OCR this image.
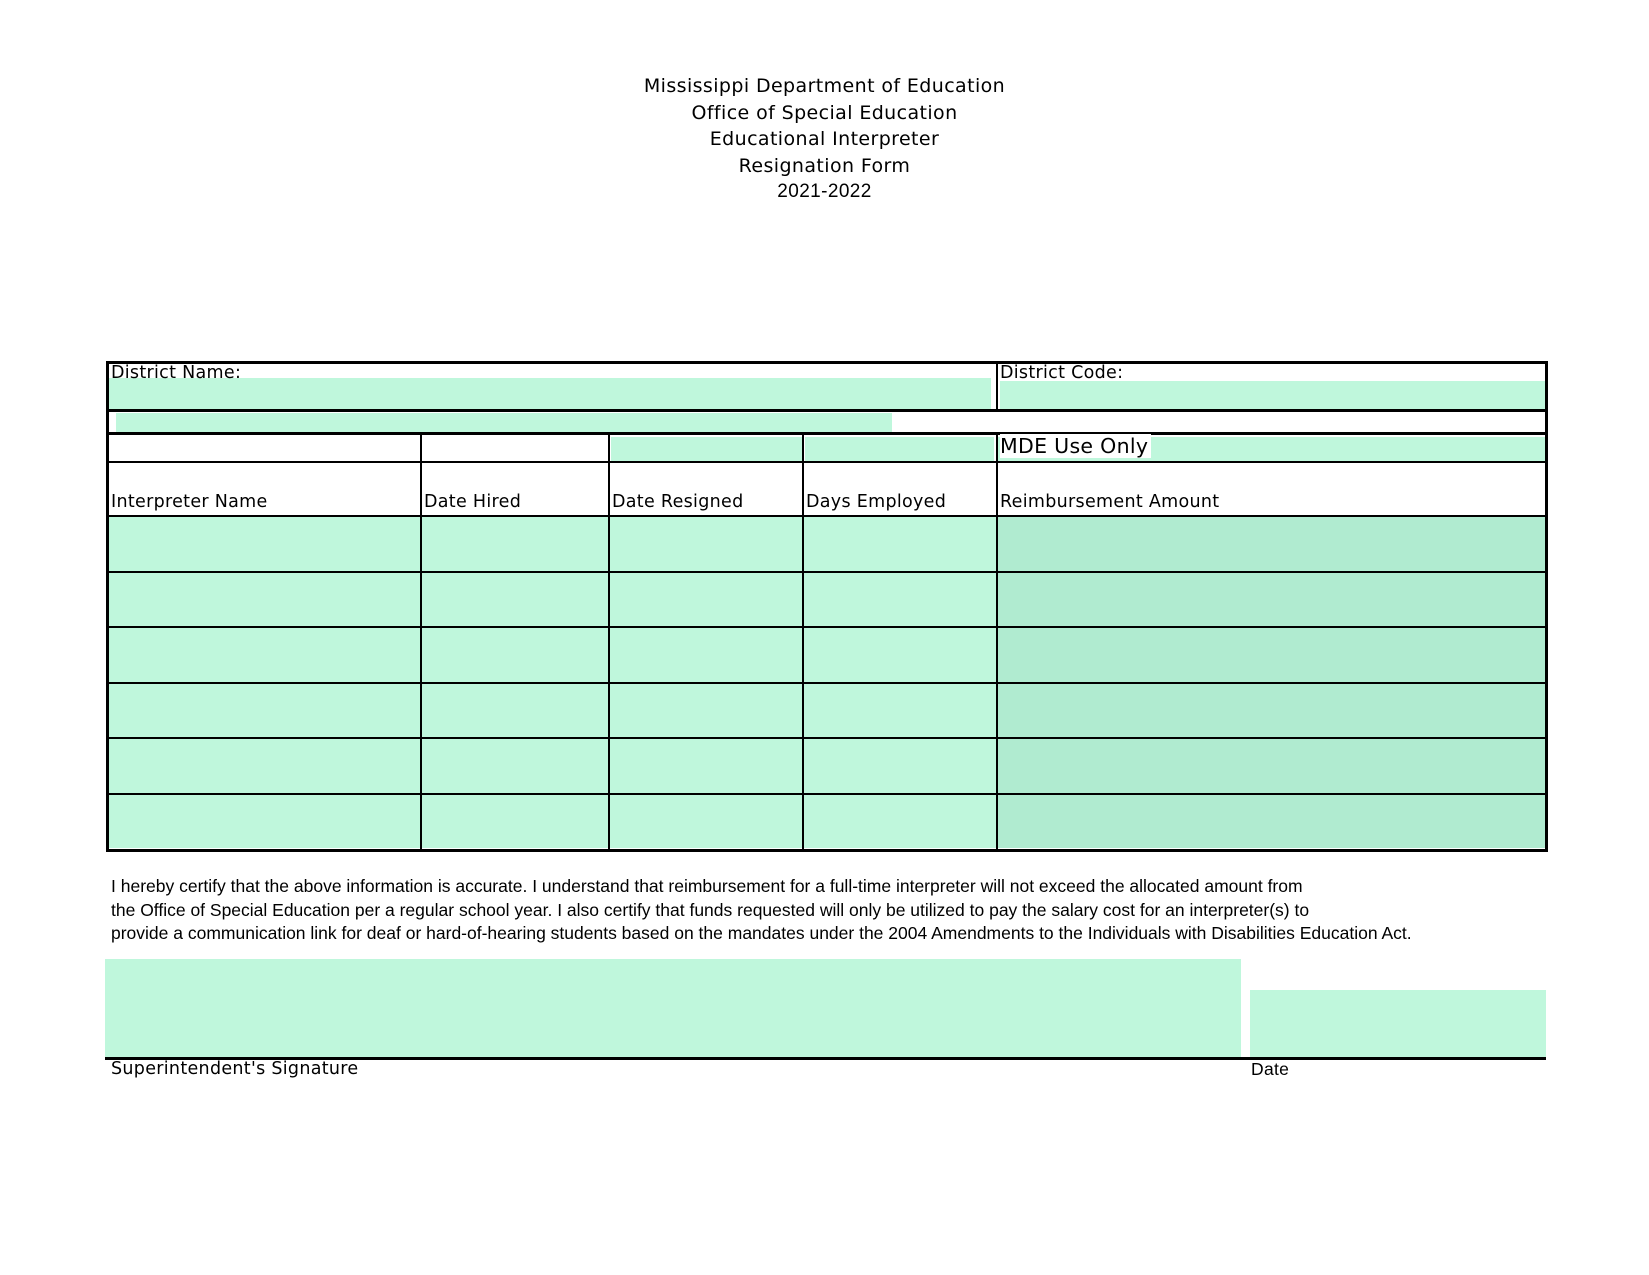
Mississippi Department of Education
Office of Special Education
Educational Interpreter
Resignation Form
2021-2022
District Name:	District Code:
MDE Use Only
Interpreter Name	Date Hired	Date Resigned	Days Employed	Reimbursement Amount
I hereby certify that the above information is accurate. I understand that reimbursement for a full-time interpreter will not exceed the allocated amount from
the Office of Special Education per a regular school year. I also certify that funds requested will only be utilized to pay the salary cost for an interpreter(s) to
provide a communication link for deaf or hard-of-hearing students based on the mandates under the 2004 Amendments to the Individuals with Disabilities Education Act.
Superintendent's Signature	Date
